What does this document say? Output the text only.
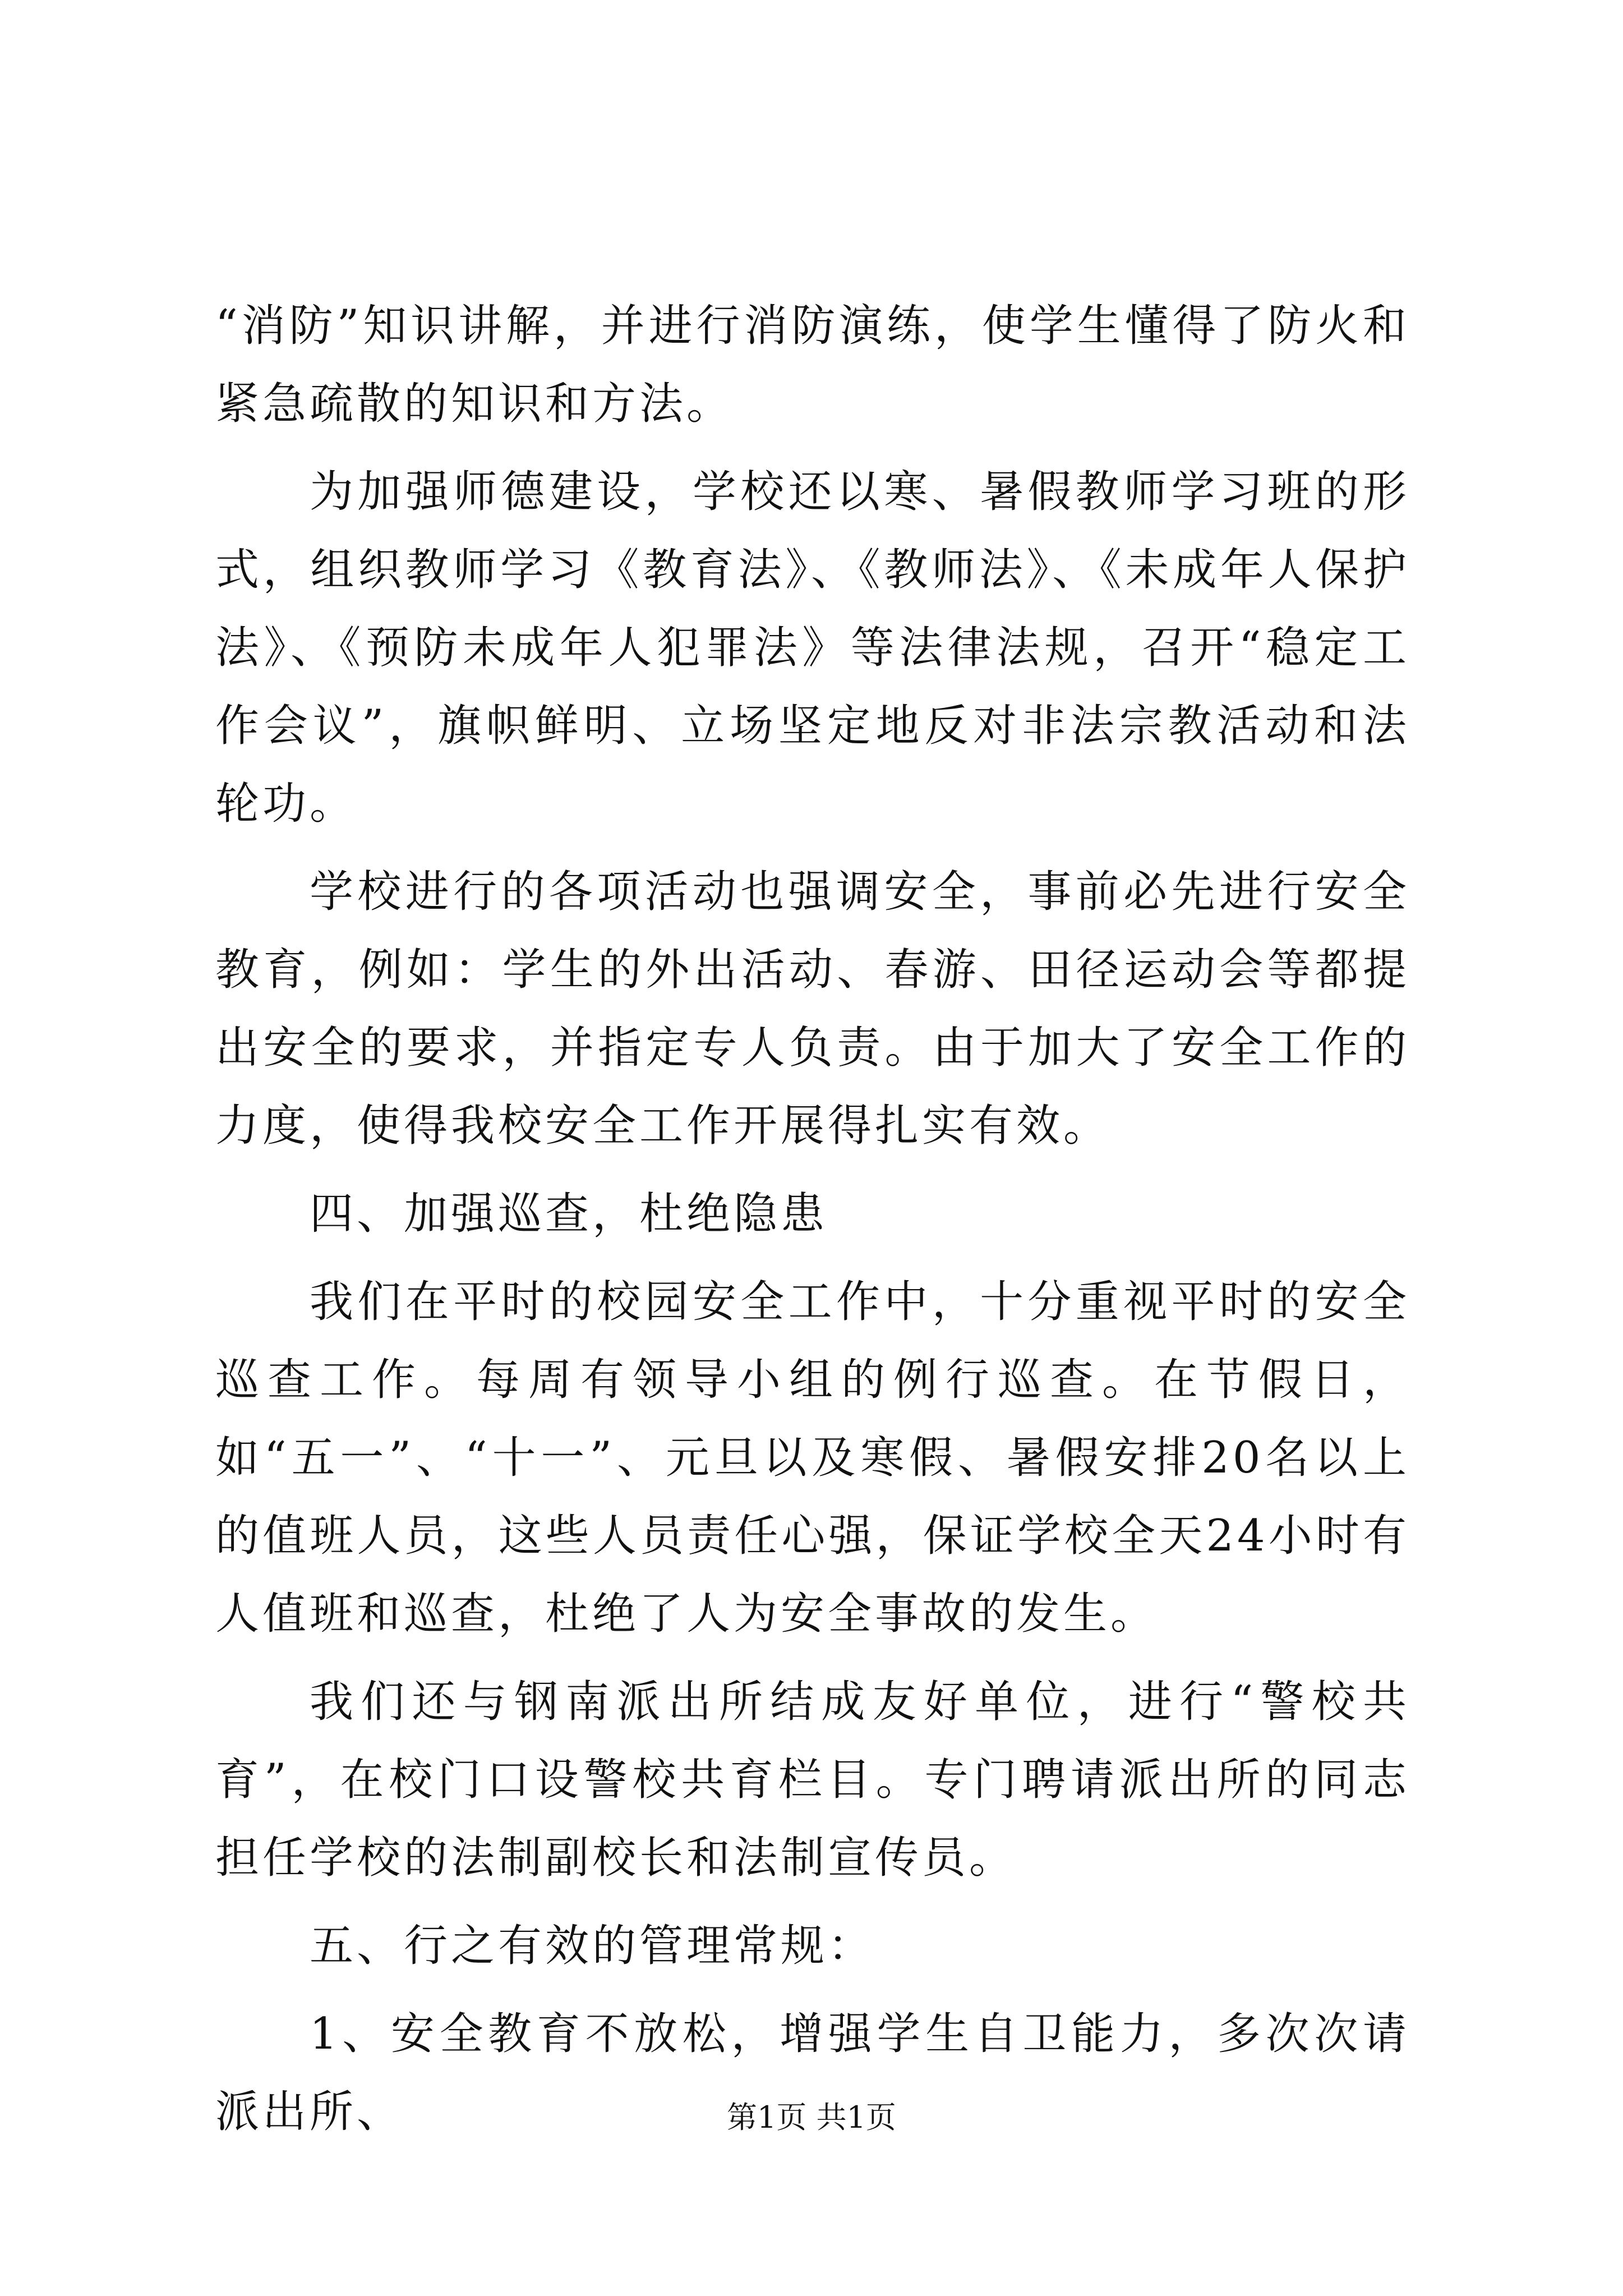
“消防”知识讲解，并进行消防演练，使学生懂得了防火和紧急疏散的知识和方法。

为加强师德建设，学校还以寒、暑假教师学习班的形式，组织教师学习《教育法》、《教师法》、《未成年人保护法》、《预防未成年人犯罪法》等法律法规，召开“稳定工作会议”，旗帜鲜明、立场坚定地反对非法宗教活动和法轮功。

学校进行的各项活动也强调安全，事前必先进行安全教育，例如：学生的外出活动、春游、田径运动会等都提出安全的要求，并指定专人负责。由于加大了安全工作的力度，使得我校安全工作开展得扎实有效。

四、加强巡查，杜绝隐患

我们在平时的校园安全工作中，十分重视平时的安全巡查工作。每周有领导小组的例行巡查。在节假日，如“五一”、“十一”、元旦以及寒假、暑假安排20名以上的值班人员，这些人员责任心强，保证学校全天24小时有人值班和巡查，杜绝了人为安全事故的发生。

我们还与钢南派出所结成友好单位，进行“警校共育”，在校门口设警校共育栏目。专门聘请派出所的同志担任学校的法制副校长和法制宣传员。

五、行之有效的管理常规：

1、安全教育不放松，增强学生自卫能力，多次次请派出所、	第1页 共1页
